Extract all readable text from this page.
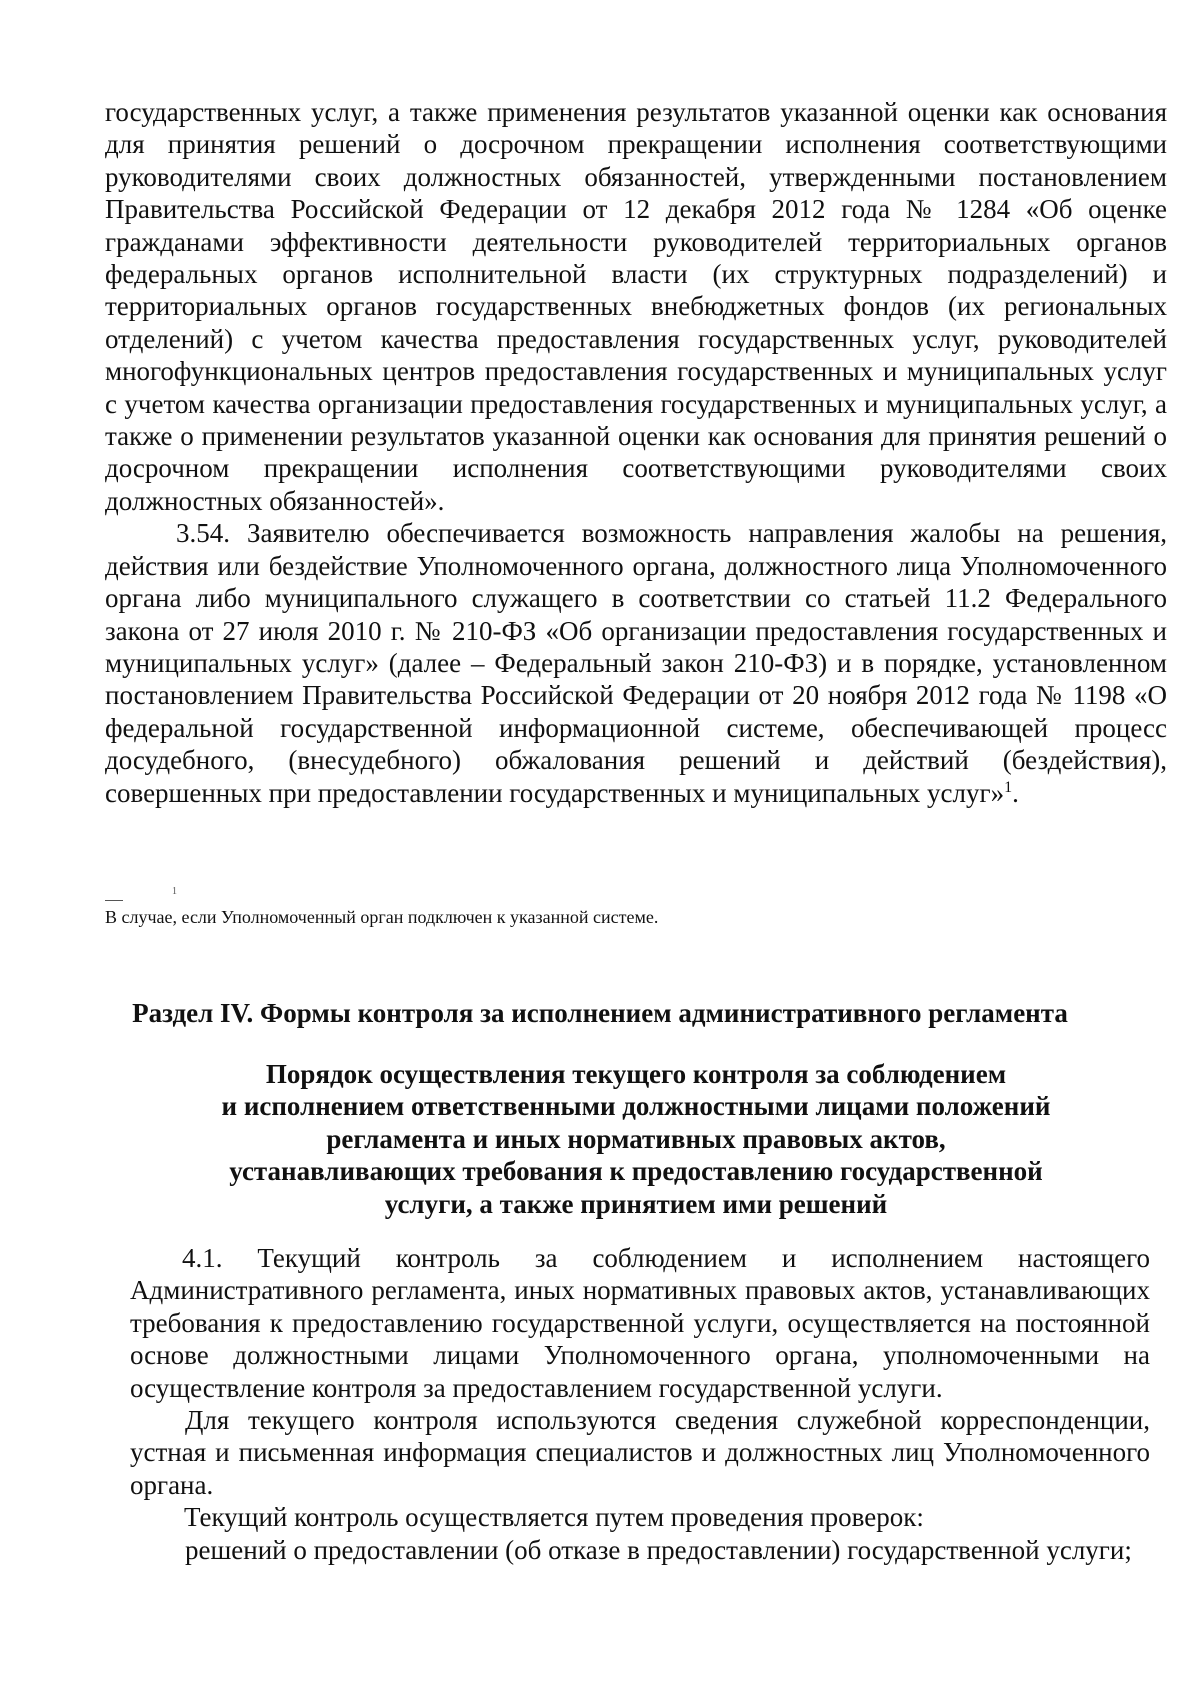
государственных услуг, а также применения результатов указанной оценки как основания для принятия решений о досрочном прекращении исполнения соответствующими руководителями своих должностных обязанностей, утвержденными постановлением Правительства Российской Федерации от 12 декабря 2012 года № 1284 «Об оценке гражданами эффективности деятельности руководителей территориальных органов федеральных органов исполнительной власти (их структурных подразделений) и территориальных органов государственных внебюджетных фондов (их региональных отделений) с учетом качества предоставления государственных услуг, руководителей многофункциональных центров предоставления государственных и муниципальных услуг с учетом качества организации предоставления государственных и муниципальных услуг, а также о применении результатов указанной оценки как основания для принятия решений о досрочном прекращении исполнения соответствующими руководителями своих должностных обязанностей».

3.54. Заявителю обеспечивается возможность направления жалобы на решения, действия или бездействие Уполномоченного органа, должностного лица Уполномоченного органа либо муниципального служащего в соответствии со статьей 11.2 Федерального закона от 27 июля 2010 г. № 210-ФЗ «Об организации предоставления государственных и муниципальных услуг» (далее – Федеральный закон 210-ФЗ) и в порядке, установленном постановлением Правительства Российской Федерации от 20 ноября 2012 года № 1198 «О федеральной государственной информационной системе, обеспечивающей процесс досудебного, (внесудебного) обжалования решений и действий (бездействия), совершенных при предоставлении государственных и муниципальных услуг»$^1$.

1
В случае, если Уполномоченный орган подключен к указанной системе.
Раздел IV. Формы контроля за исполнением административного регламента
Порядок осуществления текущего контроля за соблюдением
и исполнением ответственными должностными лицами положений
регламента и иных нормативных правовых актов,
устанавливающих требования к предоставлению государственной
услуги, а также принятием ими решений

4.1. Текущий контроль за соблюдением и исполнением настоящего Административного регламента, иных нормативных правовых актов, устанавливающих требования к предоставлению государственной услуги, осуществляется на постоянной основе должностными лицами Уполномоченного органа, уполномоченными на осуществление контроля за предоставлением государственной услуги.

Для текущего контроля используются сведения служебной корреспонденции, устная и письменная информация специалистов и должностных лиц Уполномоченного органа.

Текущий контроль осуществляется путем проведения проверок:

решений о предоставлении (об отказе в предоставлении) государственной услуги;
